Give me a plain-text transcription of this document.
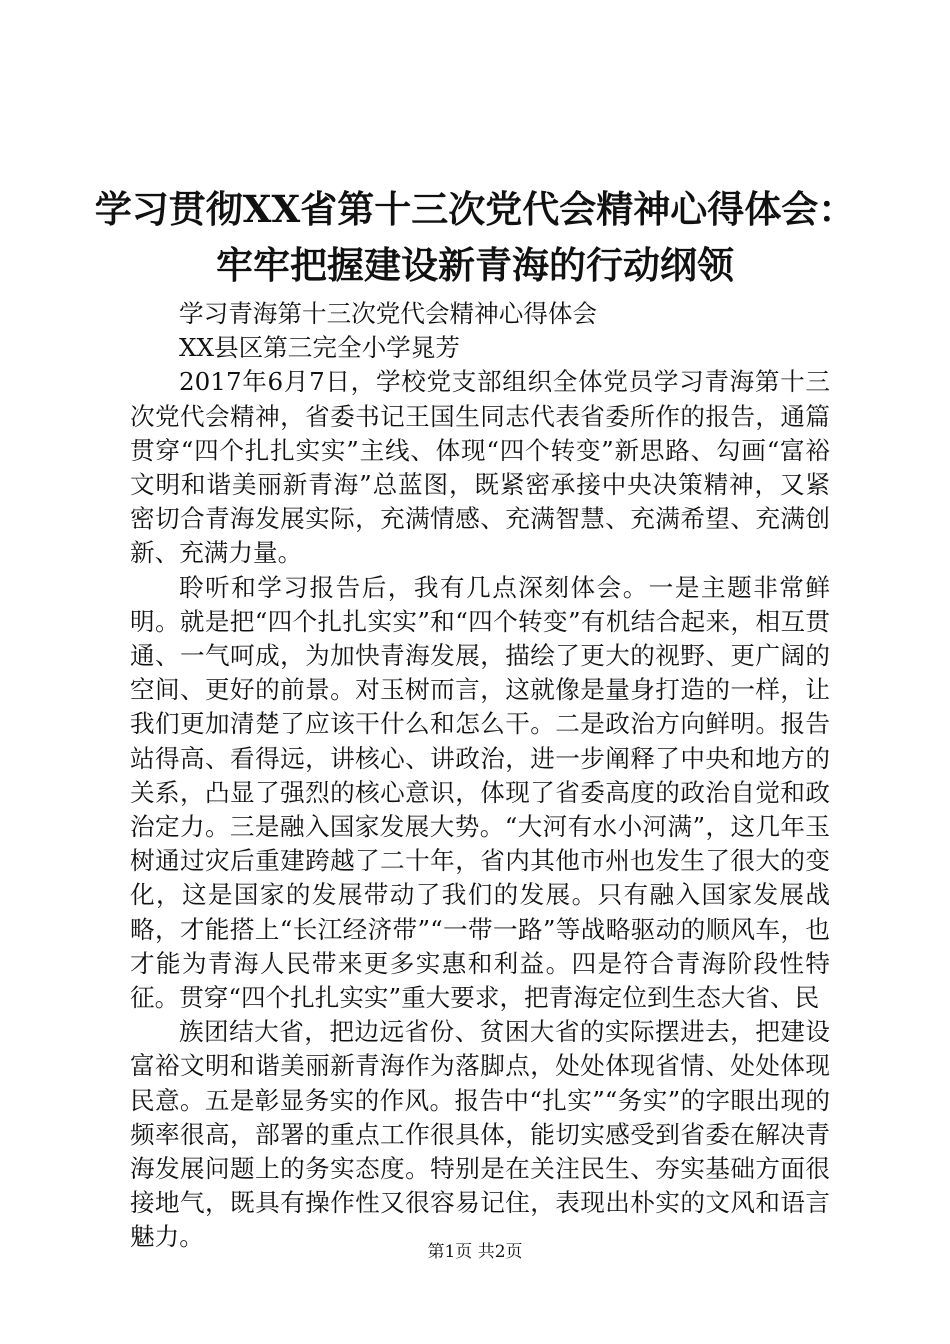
学习贯彻XX省第十三次党代会精神心得体会：
牢牢把握建设新青海的行动纲领

学习青海第十三次党代会精神心得体会

XX县区第三完全小学晁芳

2017年6月7日，学校党支部组织全体党员学习青海第十三次党代会精神，省委书记王国生同志代表省委所作的报告，通篇贯穿“四个扎扎实实”主线、体现“四个转变”新思路、勾画“富裕文明和谐美丽新青海”总蓝图，既紧密承接中央决策精神，又紧密切合青海发展实际，充满情感、充满智慧、充满希望、充满创新、充满力量。

聆听和学习报告后，我有几点深刻体会。一是主题非常鲜明。就是把“四个扎扎实实”和“四个转变”有机结合起来，相互贯通、一气呵成，为加快青海发展，描绘了更大的视野、更广阔的空间、更好的前景。对玉树而言，这就像是量身打造的一样，让我们更加清楚了应该干什么和怎么干。二是政治方向鲜明。报告站得高、看得远，讲核心、讲政治，进一步阐释了中央和地方的关系，凸显了强烈的核心意识，体现了省委高度的政治自觉和政治定力。三是融入国家发展大势。“大河有水小河满”，这几年玉树通过灾后重建跨越了二十年，省内其他市州也发生了很大的变化，这是国家的发展带动了我们的发展。只有融入国家发展战略，才能搭上“长江经济带”“一带一路”等战略驱动的顺风车，也才能为青海人民带来更多实惠和利益。四是符合青海阶段性特征。贯穿“四个扎扎实实”重大要求，把青海定位到生态大省、民

族团结大省，把边远省份、贫困大省的实际摆进去，把建设富裕文明和谐美丽新青海作为落脚点，处处体现省情、处处体现民意。五是彰显务实的作风。报告中“扎实”“务实”的字眼出现的频率很高，部署的重点工作很具体，能切实感受到省委在解决青海发展问题上的务实态度。特别是在关注民生、夯实基础方面很接地气，既具有操作性又很容易记住，表现出朴实的文风和语言魅力。

第1页 共2页
